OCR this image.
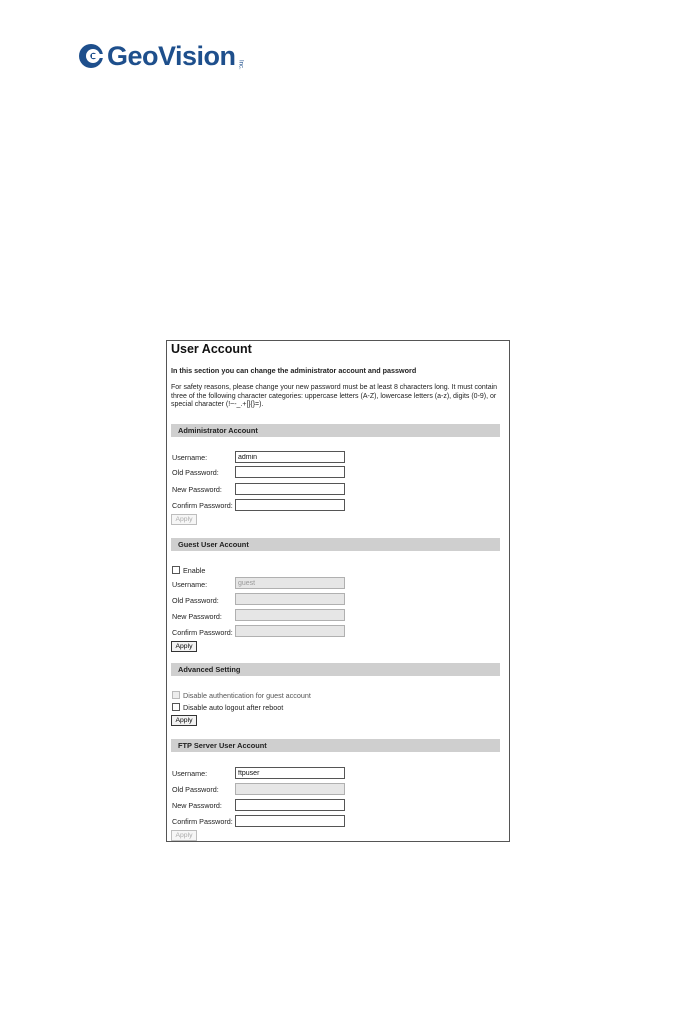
GeoVision Inc.
User Account
In this section you can change the administrator account and password
For safety reasons, please change your new password must be at least 8 characters long. It must contain three of the following character categories: uppercase letters (A-Z), lowercase letters (a-z), digits (0-9), or special character (!~-_.+[]{}=).
Administrator Account
Username:
admin
Old Password:
New Password:
Confirm Password:
Apply
Guest User Account
Enable
Username:
guest
Old Password:
New Password:
Confirm Password:
Apply
Advanced Setting
Disable authentication for guest account
Disable auto logout after reboot
Apply
FTP Server User Account
Username:
ftpuser
Old Password:
New Password:
Confirm Password:
Apply
